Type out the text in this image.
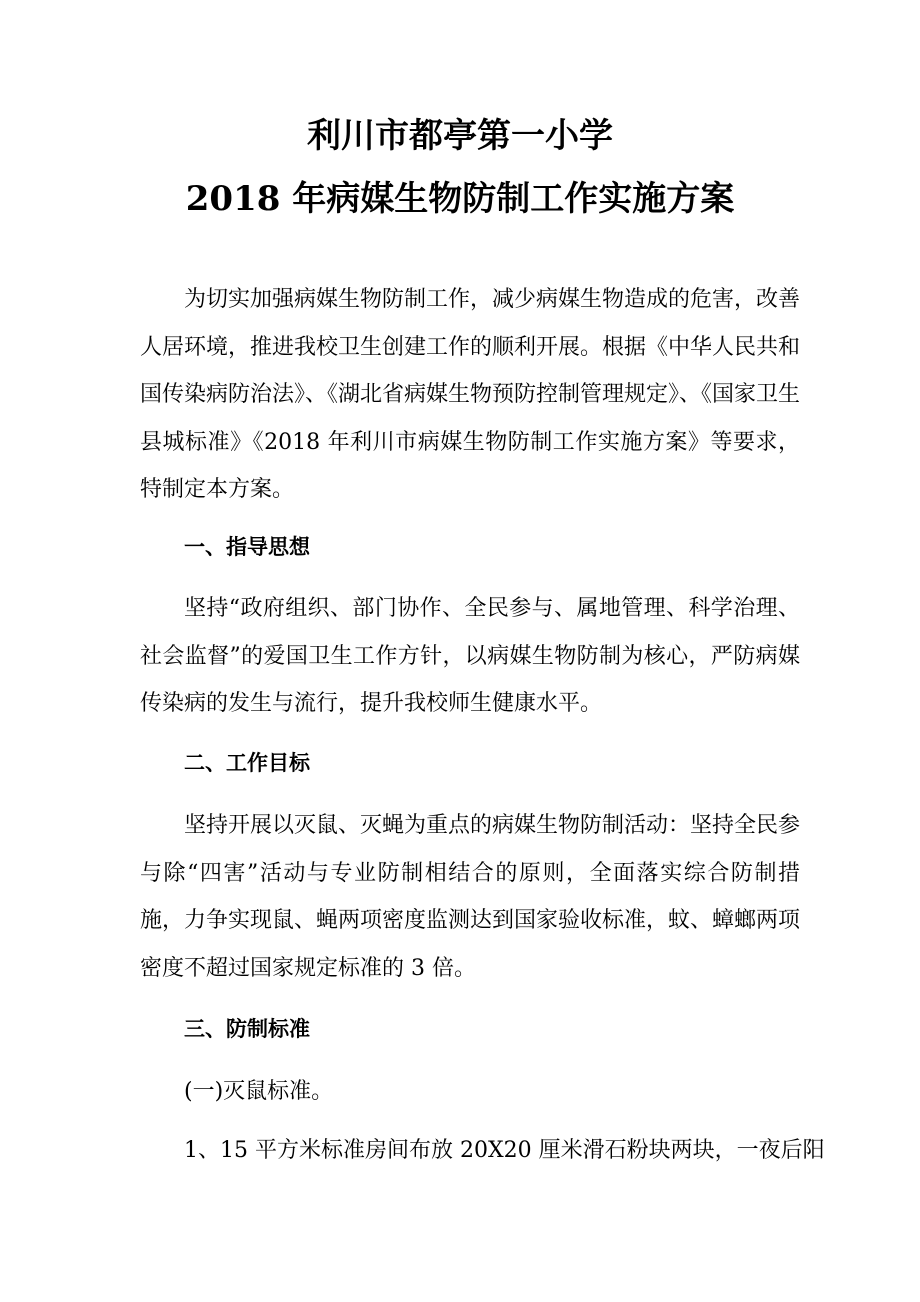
利川市都亭第一小学
2018 年病媒生物防制工作实施方案
为切实加强病媒生物防制工作，减少病媒生物造成的危害，改善人居环境，推进我校卫生创建工作的顺利开展。根据《中华人民共和国传染病防治法》、《湖北省病媒生物预防控制管理规定》、《国家卫生县城标准》《2018 年利川市病媒生物防制工作实施方案》等要求，特制定本方案。
一、指导思想
坚持“政府组织、部门协作、全民参与、属地管理、科学治理、社会监督”的爱国卫生工作方针，以病媒生物防制为核心，严防病媒传染病的发生与流行，提升我校师生健康水平。
二、工作目标
坚持开展以灭鼠、灭蝇为重点的病媒生物防制活动：坚持全民参与除“四害”活动与专业防制相结合的原则，全面落实综合防制措施，力争实现鼠、蝇两项密度监测达到国家验收标准，蚊、蟑螂两项密度不超过国家规定标准的 3 倍。
三、防制标准
(一)灭鼠标准。
1、15 平方米标准房间布放 20X20 厘米滑石粉块两块，一夜后阳
